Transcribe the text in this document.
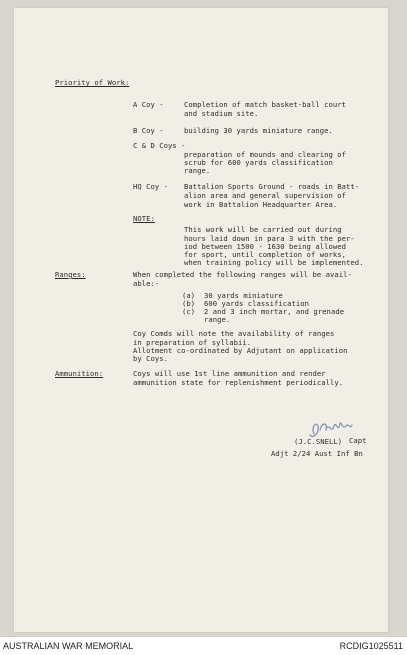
Priority of Work:
A Coy -	Completion of match basket-ball court
and stadium site.
B Coy -	building 30 yards miniature range.
C & D Coys -
preparation of mounds and clearing of
scrub for 600 yards classification
range.
HQ Coy - Battalion Sports Ground - roads in Batt-
alion area and general supervision of
work in Battalion Headquarter Area.
NOTE:
This work will be carried out during
hours laid down in para 3 with the per-
iod between 1500 - 1630 being allowed
for sport, until completion of works,
when training policy will be implemented.
Ranges:	When completed the following ranges will be avail-
able:-
(a) 30 yards miniature
(b) 600 yards classification
(c) 2 and 3 inch mortar, and grenade
range.
Coy Comds will note the availability of ranges
in preparation of syllabii.
Allotment co-ordinated by Adjutant on application
by Coys.
Ammunition:	Coys will use 1st line ammunition and render
ammunition state for replenishment periodically.
Capt
(J.C.SNELL)
Adjt 2/24 Aust Inf Bn
AUSTRALIAN WAR MEMORIAL	RCDIG1025511
